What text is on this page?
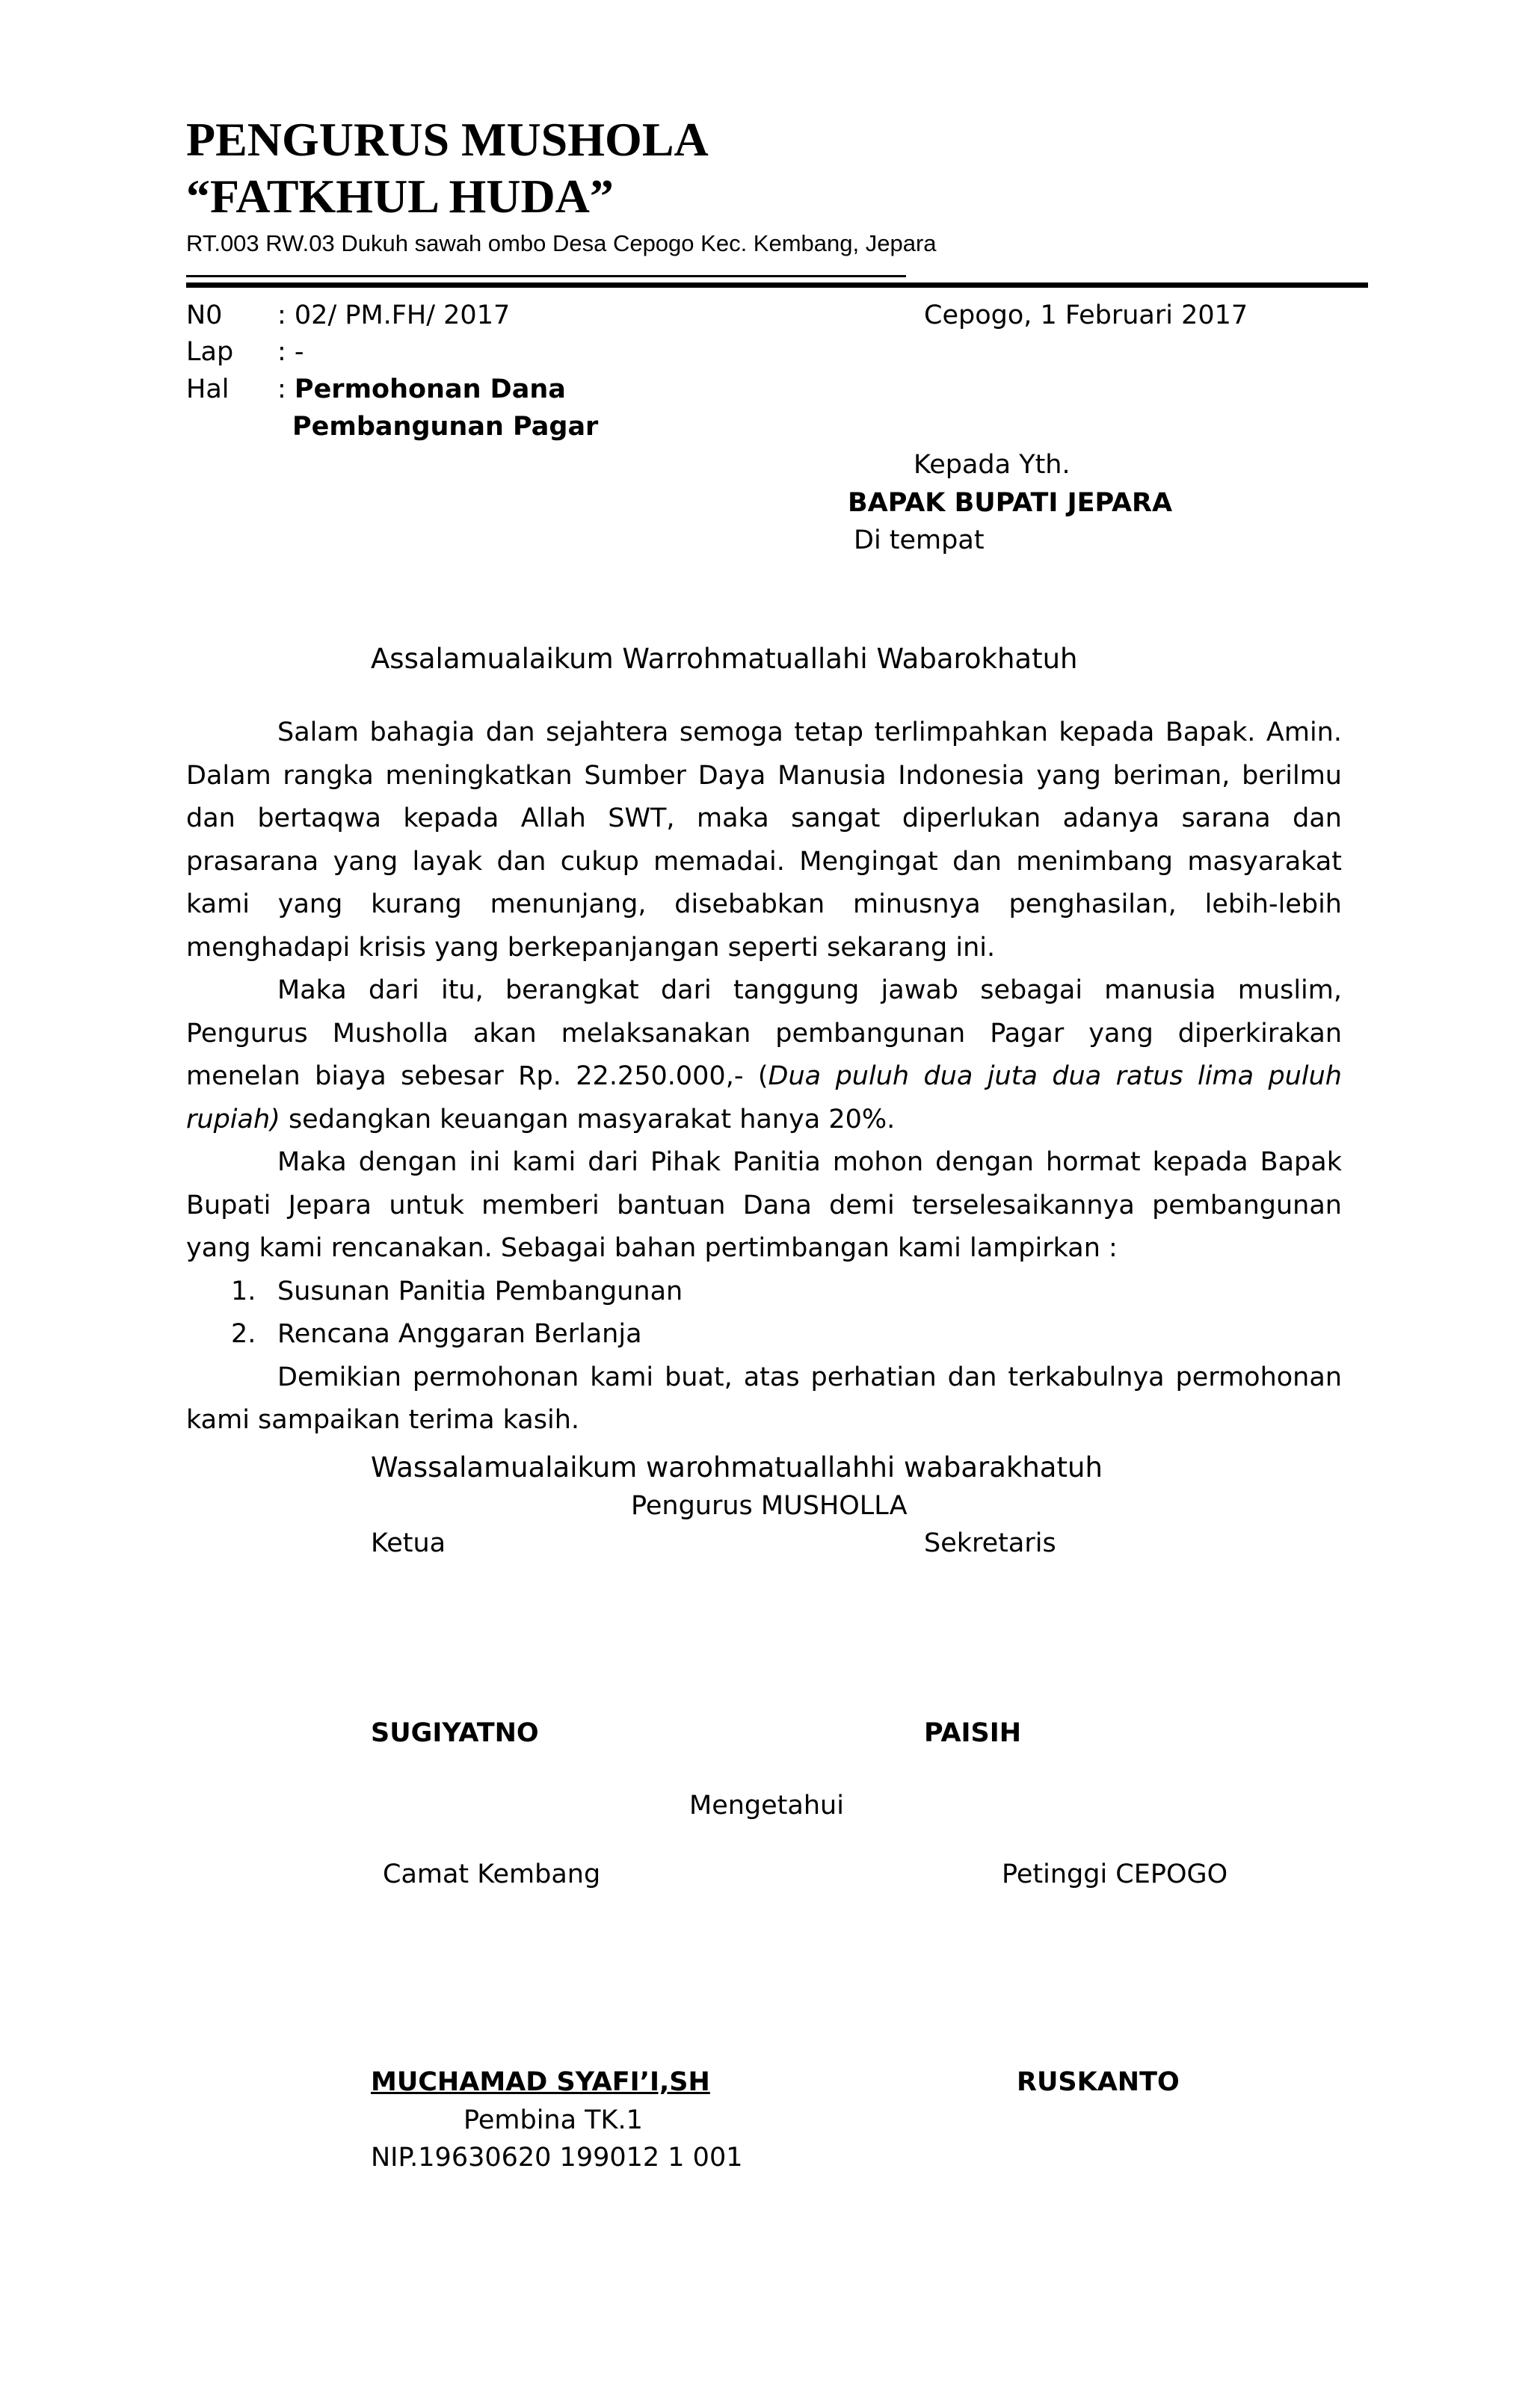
PENGURUS MUSHOLA
“FATKHUL HUDA”
RT.003 RW.03 Dukuh sawah ombo Desa Cepogo Kec. Kembang, Jepara
N0 : 02/ PM.FH/ 2017	Cepogo, 1 Februari 2017
Lap : -
Hal : Permohonan Dana
Pembangunan Pagar
Kepada Yth.
BAPAK BUPATI JEPARA
Di tempat
Assalamualaikum Warrohmatuallahi Wabarokhatuh

Salam bahagia dan sejahtera semoga tetap terlimpahkan kepada Bapak. Amin. Dalam rangka meningkatkan Sumber Daya Manusia Indonesia yang beriman, berilmu dan bertaqwa kepada Allah SWT, maka sangat diperlukan adanya sarana dan prasarana yang layak dan cukup memadai. Mengingat dan menimbang masyarakat kami yang kurang menunjang, disebabkan minusnya penghasilan, lebih-lebih menghadapi krisis yang berkepanjangan seperti sekarang ini.

Maka dari itu, berangkat dari tanggung jawab sebagai manusia muslim, Pengurus Musholla akan melaksanakan pembangunan Pagar yang diperkirakan menelan biaya sebesar Rp. 22.250.000,- (Dua puluh dua juta dua ratus lima puluh rupiah) sedangkan keuangan masyarakat hanya 20%.

Maka dengan ini kami dari Pihak Panitia mohon dengan hormat kepada Bapak Bupati Jepara untuk memberi bantuan Dana demi terselesaikannya pembangunan yang kami rencanakan. Sebagai bahan pertimbangan kami lampirkan :

1. Susunan Panitia Pembangunan
2. Rencana Anggaran Berlanja

Demikian permohonan kami buat, atas perhatian dan terkabulnya permohonan kami sampaikan terima kasih.

Wassalamualaikum warohmatuallahhi wabarakhatuh
Pengurus MUSHOLLA
Ketua	Sekretaris
SUGIYATNO	PAISIH
Mengetahui
Camat Kembang	Petinggi CEPOGO
MUCHAMAD SYAFI’I,SH	RUSKANTO
Pembina TK.1
NIP.19630620 199012 1 001
